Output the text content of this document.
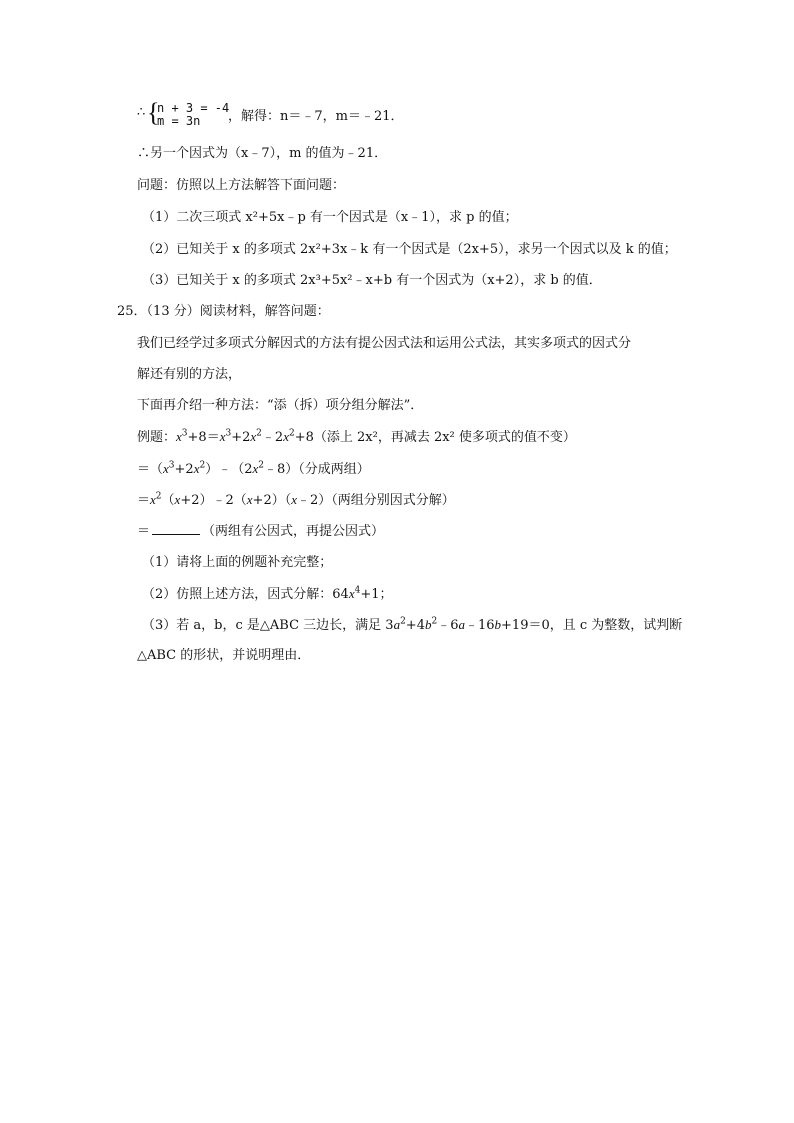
∴ {
n + 3 = -4
m = 3n ，解得：n＝﹣7，m＝﹣21．
∴另一个因式为（x﹣7），m 的值为﹣21．
问题：仿照以上方法解答下面问题：
（1）二次三项式 x²+5x﹣p 有一个因式是（x﹣1），求 p 的值；
（2）已知关于 x 的多项式 2x²+3x﹣k 有一个因式是（2x+5），求另一个因式以及 k 的值；
（3）已知关于 x 的多项式 2x³+5x²﹣x+b 有一个因式为（x+2），求 b 的值．
25．（13 分）阅读材料，解答问题：
我们已经学过多项式分解因式的方法有提公因式法和运用公式法，其实多项式的因式分
解还有别的方法，
下面再介绍一种方法：“添（拆）项分组分解法”．
例题：$x^3+8=x^3+2x^2﹣2x^2+8$（添上 2x²，再减去 2x² 使多项式的值不变）
$=(x^3+2x^2)﹣(2x^2﹣8)$（分成两组）
$=x^2(x+2)﹣2(x+2)(x﹣2)$（两组分别因式分解）
＝	（两组有公因式，再提公因式）
（1）请将上面的例题补充完整；
（2）仿照上述方法，因式分解：$64x^4+1$；
（3）若 a，b，c 是△ABC 三边长，满足 $3a^2+4b^2﹣6a﹣16b+19=0$，且 c 为整数，试判断
△ABC 的形状，并说明理由．
